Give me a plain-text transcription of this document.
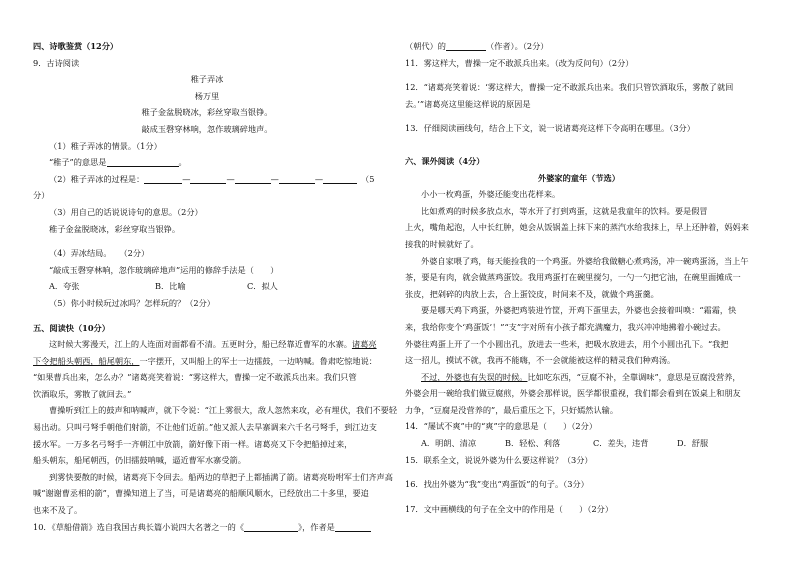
四、诗歌鉴赏（12分）
9．古诗阅读
稚子弄冰
杨万里
稚子金盆脱晓冰，彩丝穿取当银铮。
敲成玉磬穿林响，忽作玻璃碎地声。
（1）稚子弄冰的情景。（1分）
“稚子”的意思是	。
（2）稚子弄冰的过程是：	—	—	—	—	（5
分）
（3）用自己的话说说诗句的意思。（2分）
稚子金盆脱晓冰，彩丝穿取当银铮。
（4）弄冰结局。 （2分）
“敲成玉磬穿林响，忽作玻璃碎地声”运用的修辞手法是（　　）
A．夸张	B．比喻	C．拟人
（5）你小时候玩过冰吗？怎样玩的？（2分）
五、阅读快（10分）
这时候大雾漫天，江上的人连面对面都看不清。五更时分，船已经靠近曹军的水寨。诸葛亮
下令把船头朝西，船尾朝东，一字摆开，又叫船上的军士一边擂鼓，一边呐喊。鲁肃吃惊地说：
“如果曹兵出来，怎么办？”诸葛亮笑着说：“雾这样大，曹操一定不敢派兵出来。我们只管
饮酒取乐，雾散了就回去。”
曹操听到江上的鼓声和呐喊声，就下令说：“江上雾很大，敌人忽然来攻，必有埋伏，我们不要轻
易出动。只叫弓弩手朝他们射箭，不让他们近前。”他又派人去旱寨调来六千名弓弩手，到江边支
援水军。一万多名弓弩手一齐朝江中放箭，箭好像下雨一样。诸葛亮又下令把船掉过来，
船头朝东，船尾朝西，仍旧擂鼓呐喊，逼近曹军水寨受箭。
到雾快要散的时候，诸葛亮下令回去。船两边的草把子上都插满了箭。诸葛亮吩咐军士们齐声高
喊“谢谢曹丞相的箭”，曹操知道上了当，可是诸葛亮的船顺风顺水，已经放出二十多里，要追
也来不及了。
10．《草船借箭》选自我国古典长篇小说四大名著之一的《	》，作者是
（朝代）的	（作者）。（2分）
11．雾这样大，曹操一定不敢派兵出来。（改为反问句）（2分）
12．“诸葛亮笑着说：‘雾这样大，曹操一定不敢派兵出来。我们只管饮酒取乐，雾散了就回
去。’”诸葛亮这里能这样说的原因是
13．仔细阅读画线句，结合上下文，说一说诸葛亮这样下令高明在哪里。（3分）
六、课外阅读（4分）
外婆家的童年（节选）
小小一枚鸡蛋，外婆还能变出花样来。
比如煮鸡的时候多放点水，等水开了打到鸡蛋，这就是我童年的饮料。要是假冒
上火，嘴角起泡，人中长红肿，她会从饭锅盖上抹下来的蒸汽水给我抹上，早上还肿着，妈妈来
接我的时候就好了。
外婆自家喂了鸡，每天能捡我的一个鸡蛋。外婆给我做糖心煮鸡汤，冲一碗鸡蛋汤，当上午
茶，要是有肉，就会做蒸鸡蛋饺。我用鸡蛋打在碗里搅匀，一勺一勺把它油，在碗里面摊成一
张皮，把剁碎的肉放上去，合上蛋饺皮，时间来不及，就做个鸡蛋羹。
要是哪天鸡下鸡蛋，外婆把鸡装进竹筐，开鸡下蛋里去，外婆也会接着叫唤：“霜霜，快
来，我给你变个‘鸡蛋饭’！”“支”字对所有小孩子都充满魔力，我兴冲冲地拂着小碗过去。
外婆往鸡蛋上开了一个小圆出孔，放进去一些米，把吸水放进去，用个小圆出孔下。“我把
这一招儿，摸试不就，我再不能嗨，不一会就能被这样的精灵我们种鸡汤。
不过，外婆也有失误的时候。比如吃东西，“豆腐不补，全靠调味”，意思是豆腐没营养，
外婆会用一碗给我们做豆腐煎，外婆会那样说，医学都很重视，我们都会看到在饭桌上和朋友
力争，“豆腐是没营养的”，最后重压之下，只好嫣然认输。
14．“屡试不爽”中的“爽”字的意思是（　　）（2分）
A．明朗、清凉	B．轻松、利落	C．差失，违背	D．舒服
15．联系全文，说说外婆为什么要这样说？（3分）
16．找出外婆为“我”变出“鸡蛋饭”的句子。（3分）
17．文中画横线的句子在全文中的作用是（　　）（2分）
